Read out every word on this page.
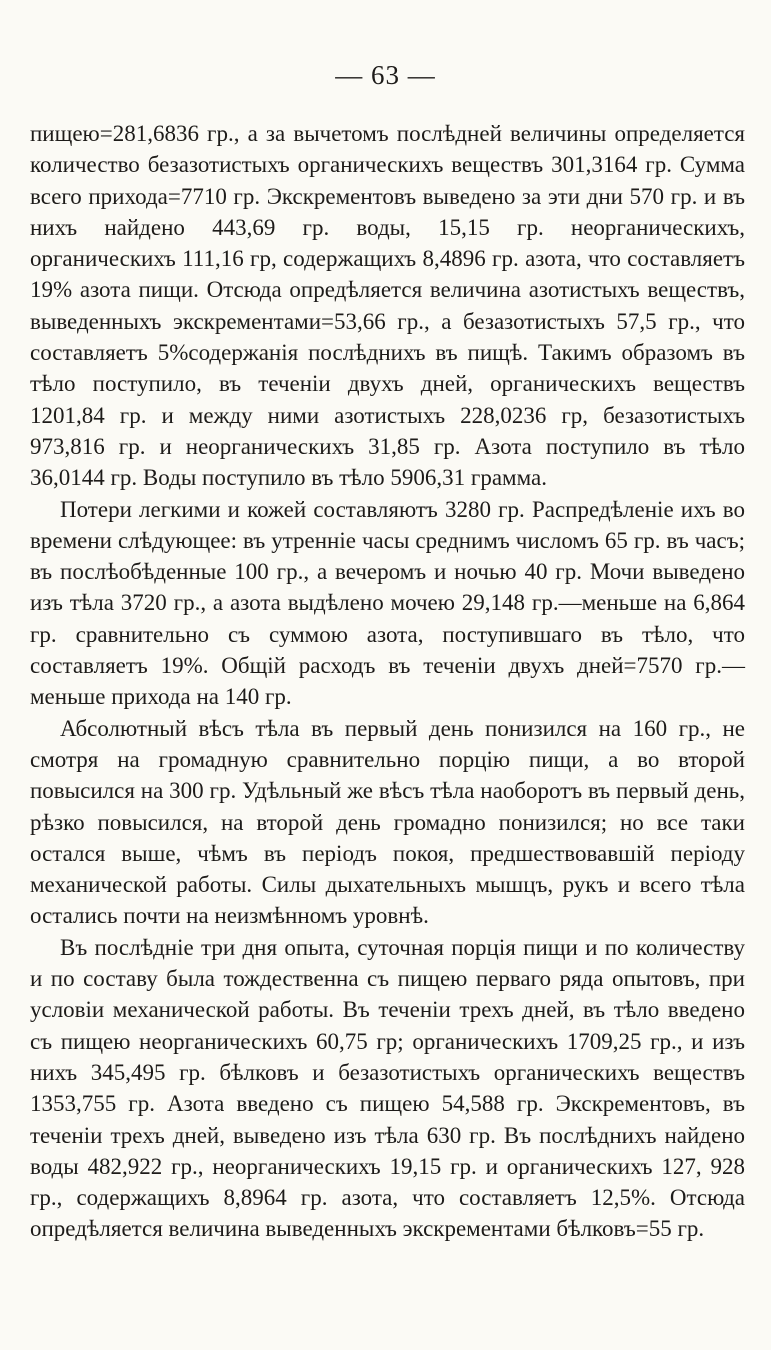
— 63 —

пищею=281,6836 гр., а за вычетомъ послѣдней величины определяется количество безазотистыхъ органическихъ веществъ 301,3164 гр. Сумма всего прихода=7710 гр. Экскрементовъ выведено за эти дни 570 гр. и въ нихъ найдено 443,69 гр. воды, 15,15 гр. неорганическихъ, органическихъ 111,16 гр, содержащихъ 8,4896 гр. азота, что составляетъ 19% азота пищи. Отсюда опредѣляется величина азотистыхъ веществъ, выведенныхъ экскрементами=53,66 гр., а безазотистыхъ 57,5 гр., что составляетъ 5%содержанія послѣднихъ въ пищѣ. Такимъ образомъ въ тѣло поступило, въ теченіи двухъ дней, органическихъ веществъ 1201,84 гр. и между ними азотистыхъ 228,0236 гр, безазотистыхъ 973,816 гр. и неорганическихъ 31,85 гр. Азота поступило въ тѣло 36,0144 гр. Воды поступило въ тѣло 5906,31 грамма.

Потери легкими и кожей составляютъ 3280 гр. Распредѣленіе ихъ во времени слѣдующее: въ утренніе часы среднимъ числомъ 65 гр. въ часъ; въ послѣобѣденные 100 гр., а вечеромъ и ночью 40 гр. Мочи выведено изъ тѣла 3720 гр., а азота выдѣлено мочею 29,148 гр.—меньше на 6,864 гр. сравнительно съ суммою азота, поступившаго въ тѣло, что составляетъ 19%. Общій расходъ въ теченіи двухъ дней=7570 гр.—меньше прихода на 140 гр.

Абсолютный вѣсъ тѣла въ первый день понизился на 160 гр., не смотря на громадную сравнительно порцію пищи, а во второй повысился на 300 гр. Удѣльный же вѣсъ тѣла наоборотъ въ первый день, рѣзко повысился, на второй день громадно понизился; но все таки остался выше, чѣмъ въ періодъ покоя, предшествовавшій періоду механической работы. Силы дыхательныхъ мышцъ, рукъ и всего тѣла остались почти на неизмѣнномъ уровнѣ.

Въ послѣдніе три дня опыта, суточная порція пищи и по количеству и по составу была тождественна съ пищею перваго ряда опытовъ, при условіи механической работы. Въ теченіи трехъ дней, въ тѣло введено съ пищею неорганическихъ 60,75 гр; органическихъ 1709,25 гр., и изъ нихъ 345,495 гр. бѣлковъ и безазотистыхъ органическихъ веществъ 1353,755 гр. Азота введено съ пищею 54,588 гр. Экскрементовъ, въ теченіи трехъ дней, выведено изъ тѣла 630 гр. Въ послѣднихъ найдено воды 482,922 гр., неорганическихъ 19,15 гр. и органическихъ 127, 928 гр., содержащихъ 8,8964 гр. азота, что составляетъ 12,5%. Отсюда опредѣляется величина выведенныхъ экскрементами бѣлковъ=55 гр.
